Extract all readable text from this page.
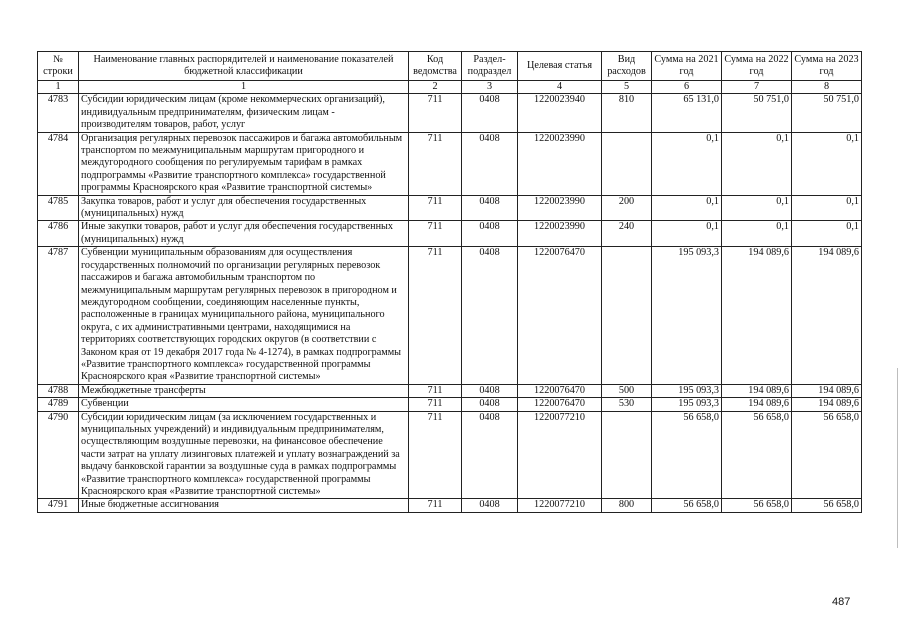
№ строки	Наименование главных распорядителей и наименование показателей бюджетной классификации	Код ведомства	Раздел-подраздел	Целевая статья	Вид расходов	Сумма на 2021 год	Сумма на 2022 год	Сумма на 2023 год
1	1	2	3	4	5	6	7	8
4783	Субсидии юридическим лицам (кроме некоммерческих организаций), индивидуальным предпринимателям, физическим лицам - производителям товаров, работ, услуг	711	0408	1220023940	810	65 131,0	50 751,0	50 751,0
4784	Организация регулярных перевозок пассажиров и багажа автомобильным транспортом по межмуниципальным маршрутам пригородного и междугородного сообщения по регулируемым тарифам в рамках подпрограммы «Развитие транспортного комплекса» государственной программы Красноярского края «Развитие транспортной системы»	711	0408	1220023990		0,1	0,1	0,1
4785	Закупка товаров, работ и услуг для обеспечения государственных (муниципальных) нужд	711	0408	1220023990	200	0,1	0,1	0,1
4786	Иные закупки товаров, работ и услуг для обеспечения государственных (муниципальных) нужд	711	0408	1220023990	240	0,1	0,1	0,1
4787	Субвенции муниципальным образованиям для осуществления государственных полномочий по организации регулярных перевозок пассажиров и багажа автомобильным транспортом по межмуниципальным маршрутам регулярных перевозок в пригородном и междугородном сообщении, соединяющим населенные пункты, расположенные в границах муниципального района, муниципального округа, с их административными центрами, находящимися на территориях соответствующих городских округов (в соответствии с Законом края от 19 декабря 2017 года № 4-1274), в рамках подпрограммы «Развитие транспортного комплекса» государственной программы Красноярского края «Развитие транспортной системы»	711	0408	1220076470		195 093,3	194 089,6	194 089,6
4788	Межбюджетные трансферты	711	0408	1220076470	500	195 093,3	194 089,6	194 089,6
4789	Субвенции	711	0408	1220076470	530	195 093,3	194 089,6	194 089,6
4790	Субсидии юридическим лицам (за исключением государственных и муниципальных учреждений) и индивидуальным предпринимателям, осуществляющим воздушные перевозки, на финансовое обеспечение части затрат на уплату лизинговых платежей и уплату вознаграждений за выдачу банковской гарантии за воздушные суда в рамках подпрограммы «Развитие транспортного комплекса» государственной программы Красноярского края «Развитие транспортной системы»	711	0408	1220077210		56 658,0	56 658,0	56 658,0
4791	Иные бюджетные ассигнования	711	0408	1220077210	800	56 658,0	56 658,0	56 658,0
487
